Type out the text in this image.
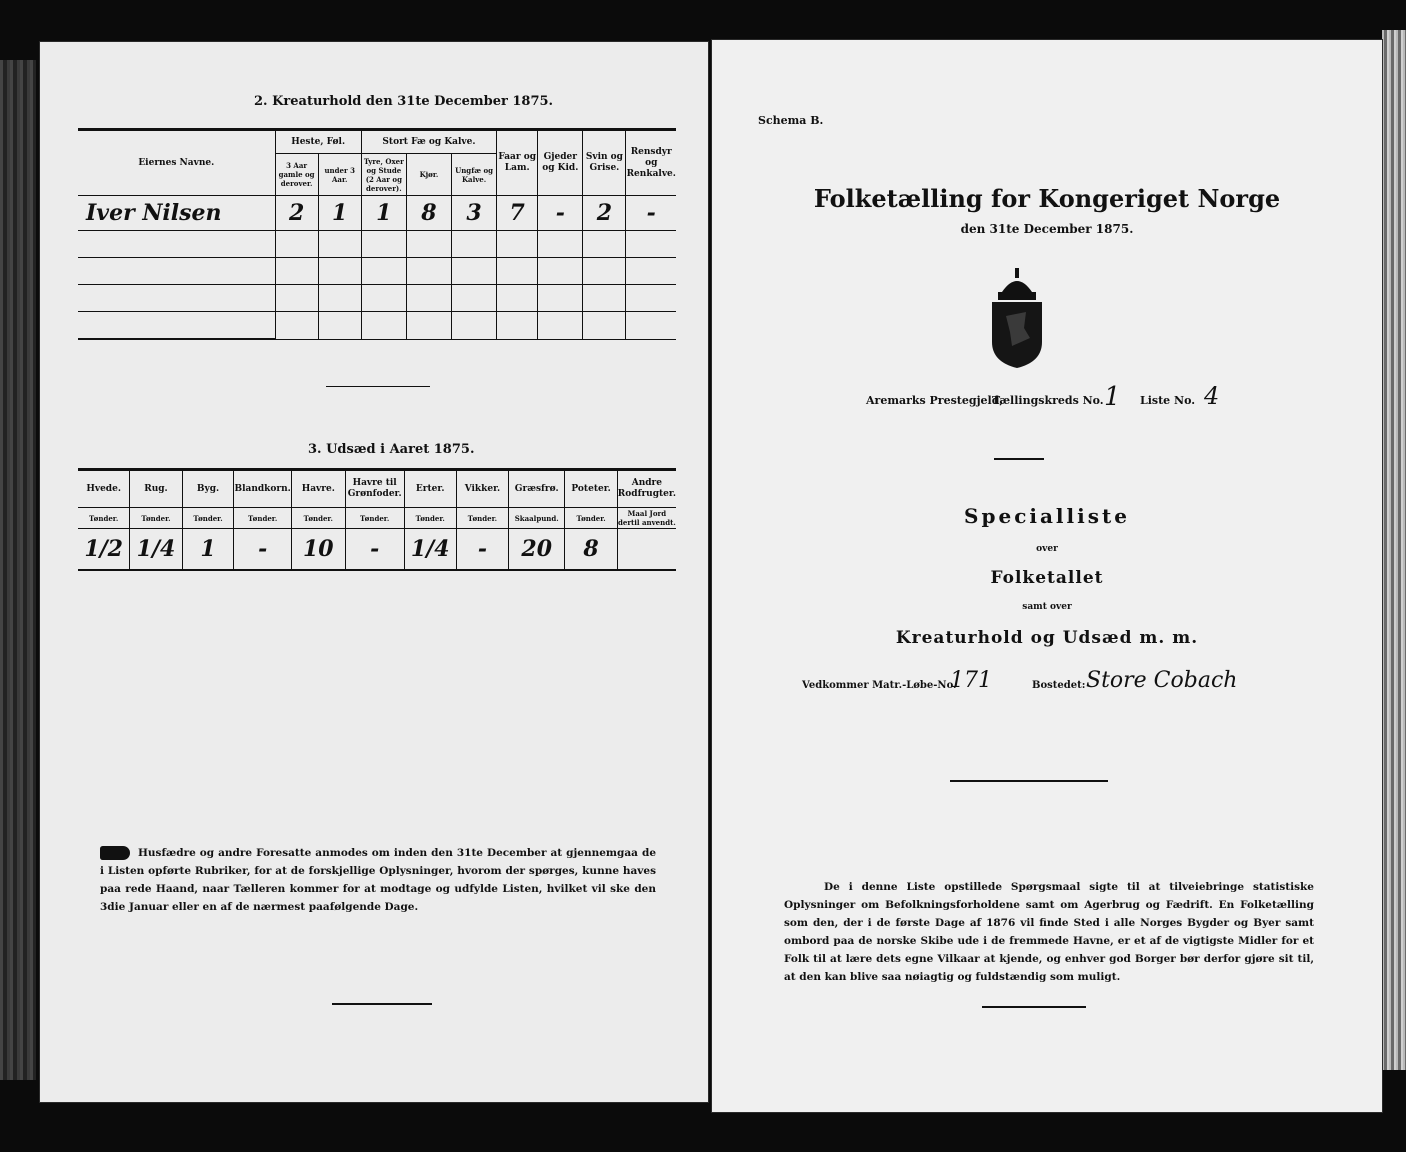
2. Kreaturhold den 31te December 1875.
Eiernes Navne.	Heste, Føl.		Stort Fæ og Kalve.			Faar og Lam.	Gjeder og Kid.	Svin og Grise.	Rensdyr og Renkalve.
	3 Aar gamle og derover.	under 3 Aar.	Tyre, Oxer og Stude (2 Aar og derover).	Kjør.	Ungfæ og Kalve.				
Iver Nilsen	2	1	1	8	3	7	-	2	-

3. Udsæd i Aaret 1875.
Hvede.	Rug.	Byg.	Blandkorn.	Havre.	Havre til Grønfoder.	Erter.	Vikker.	Græsfrø.	Poteter.	Andre Rodfrugter.
Tønder.	Tønder.	Tønder.	Tønder.	Tønder.	Tønder.	Tønder.	Tønder.	Skaalpund.	Tønder.	Maal Jord dertil anvendt.
1/2	1/4	1	-	10	-	1/4	-	20	8	
Husfædre og andre Foresatte anmodes om inden den 31te December at gjennemgaa de i Listen opførte Rubriker, for at de forskjellige Oplysninger, hvorom der spørges, kunne haves paa rede Haand, naar Tælleren kommer for at modtage og udfylde Listen, hvilket vil ske den 3die Januar eller en af de nærmest paafølgende Dage.
Schema B.
Folketælling for Kongeriget Norge
den 31te December 1875.
Aremarks Prestegjeld,
Tællingskreds No. 1 Liste No. 4
Specialliste
over
Folketallet
samt over
Kreaturhold og Udsæd m. m.
Vedkommer Matr.-Løbe-No.
171	Bostedet: Store Cobach
De i denne Liste opstillede Spørgsmaal sigte til at tilveiebringe statistiske Oplysninger om Befolkningsforholdene samt om Agerbrug og Fædrift. En Folketælling som den, der i de første Dage af 1876 vil finde Sted i alle Norges Bygder og Byer samt ombord paa de norske Skibe ude i de fremmede Havne, er et af de vigtigste Midler for et Folk til at lære dets egne Vilkaar at kjende, og enhver god Borger bør derfor gjøre sit til, at den kan blive saa nøiagtig og fuldstændig som muligt.
